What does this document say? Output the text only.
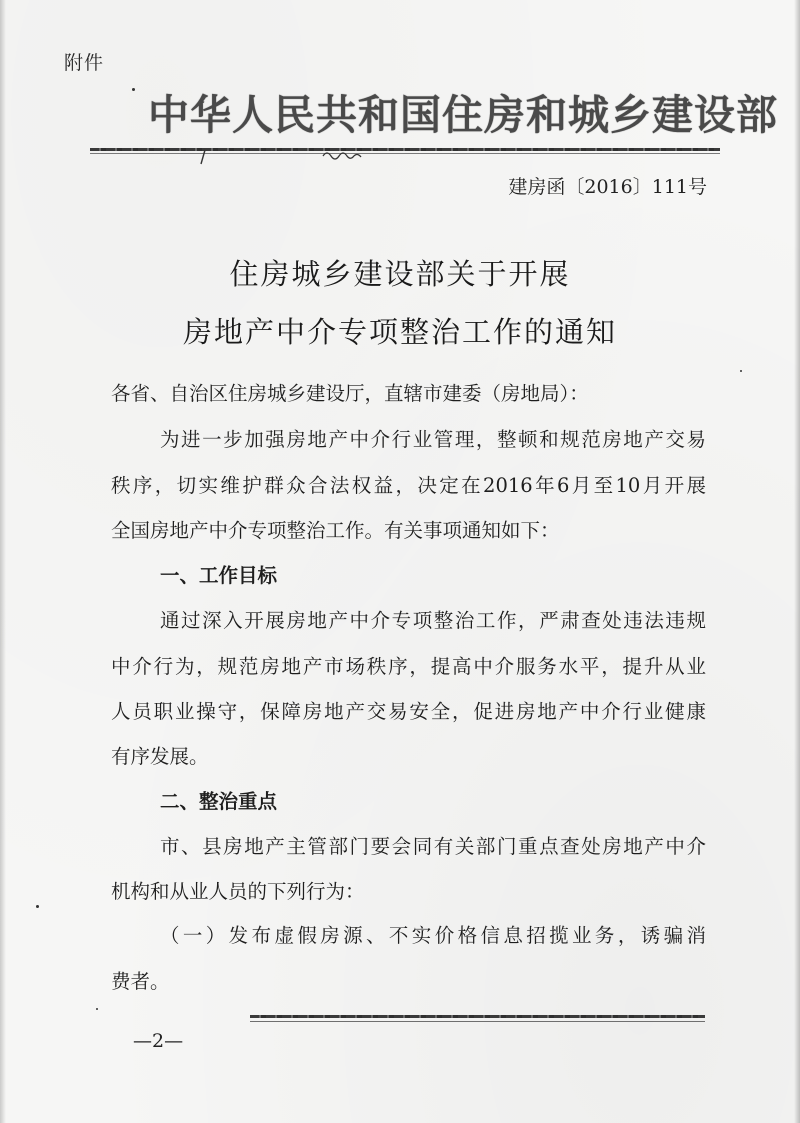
附件
中华人民共和国住房和城乡建设部
建房函〔2016〕111号
住房城乡建设部关于开展
房地产中介专项整治工作的通知
各省、自治区住房城乡建设厅，直辖市建委（房地局）：
为进一步加强房地产中介行业管理，整顿和规范房地产交易
秩序，切实维护群众合法权益，决定在2016年6月至10月开展
全国房地产中介专项整治工作。有关事项通知如下：
一、工作目标
通过深入开展房地产中介专项整治工作，严肃查处违法违规
中介行为，规范房地产市场秩序，提高中介服务水平，提升从业
人员职业操守，保障房地产交易安全，促进房地产中介行业健康
有序发展。
二、整治重点
市、县房地产主管部门要会同有关部门重点查处房地产中介
机构和从业人员的下列行为：
（一）发布虚假房源、不实价格信息招揽业务，诱骗消
费者。
—2—
